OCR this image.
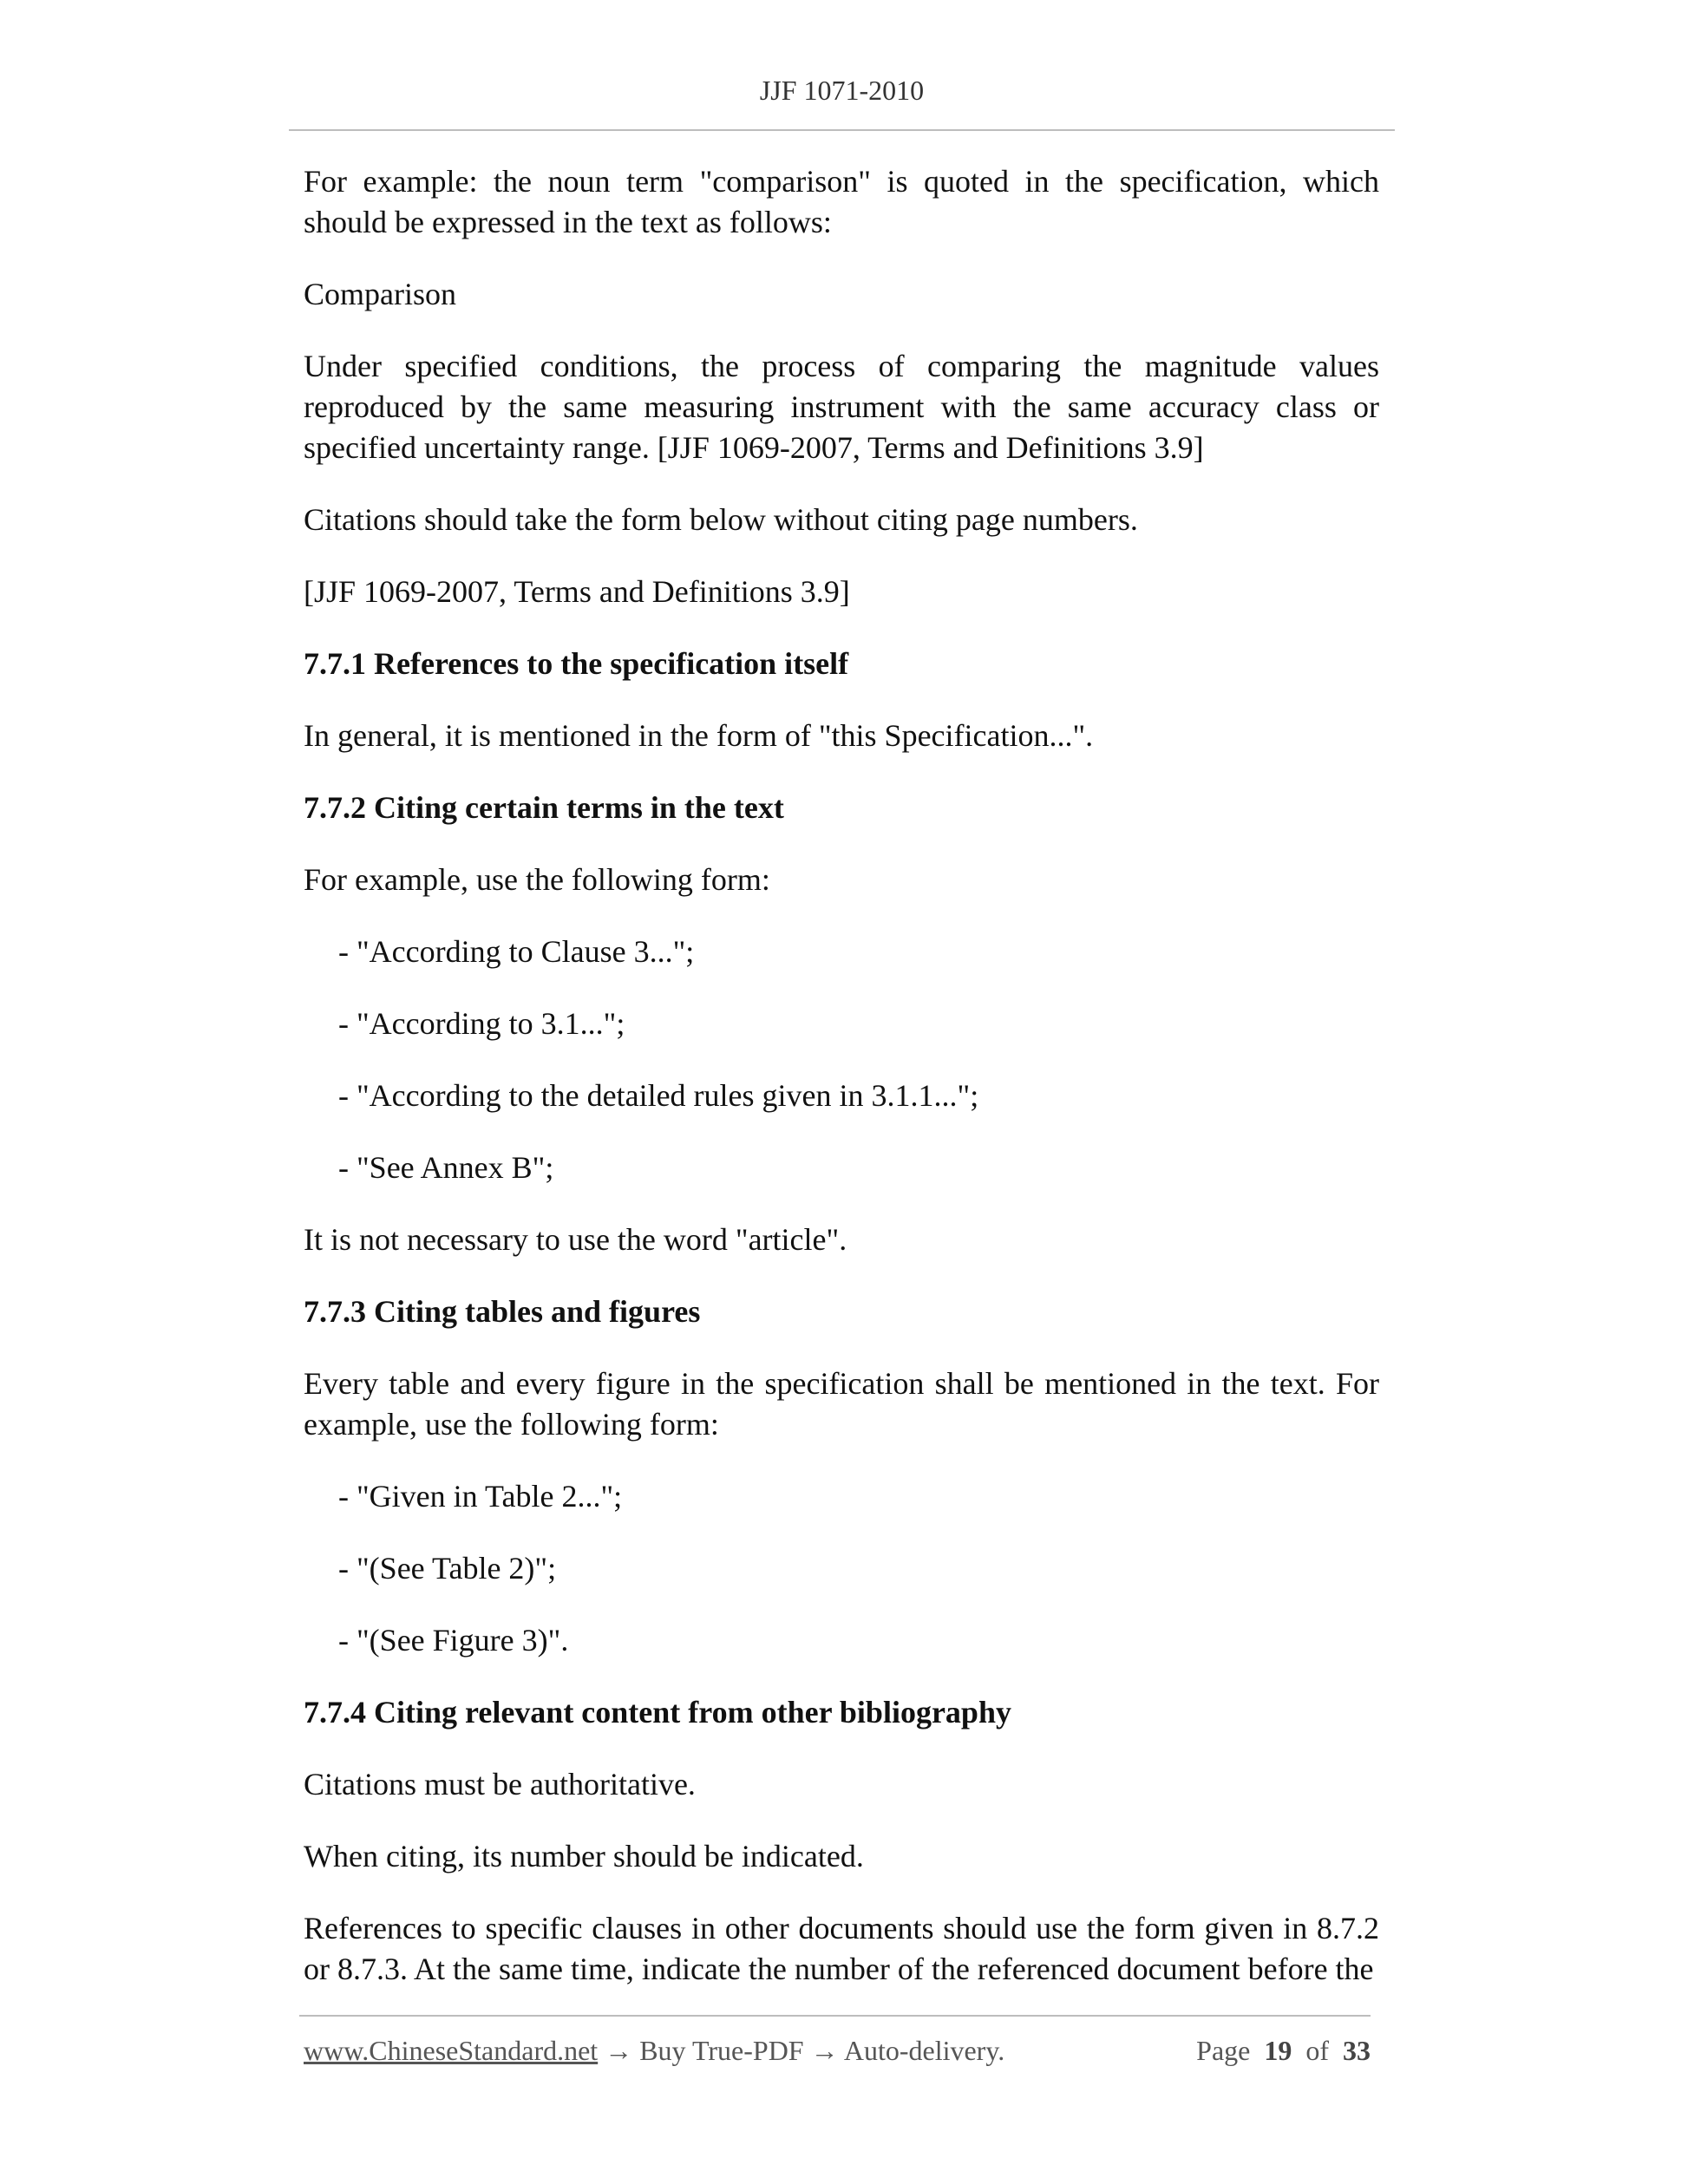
JJF 1071-2010

For example: the noun term "comparison" is quoted in the specification, which should be expressed in the text as follows:

Comparison

Under specified conditions, the process of comparing the magnitude values reproduced by the same measuring instrument with the same accuracy class or specified uncertainty range. [JJF 1069-2007, Terms and Definitions 3.9]

Citations should take the form below without citing page numbers.

[JJF 1069-2007, Terms and Definitions 3.9]

7.7.1 References to the specification itself

In general, it is mentioned in the form of "this Specification...".

7.7.2 Citing certain terms in the text

For example, use the following form:

- "According to Clause 3...";

- "According to 3.1...";

- "According to the detailed rules given in 3.1.1...";

- "See Annex B";

It is not necessary to use the word "article".

7.7.3 Citing tables and figures

Every table and every figure in the specification shall be mentioned in the text. For example, use the following form:

- "Given in Table 2...";

- "(See Table 2)";

- "(See Figure 3)".

7.7.4 Citing relevant content from other bibliography

Citations must be authoritative.

When citing, its number should be indicated.

References to specific clauses in other documents should use the form given in 8.7.2 or 8.7.3. At the same time, indicate the number of the referenced document before the

www.ChineseStandard.net → Buy True-PDF → Auto-delivery.	Page 19 of 33
